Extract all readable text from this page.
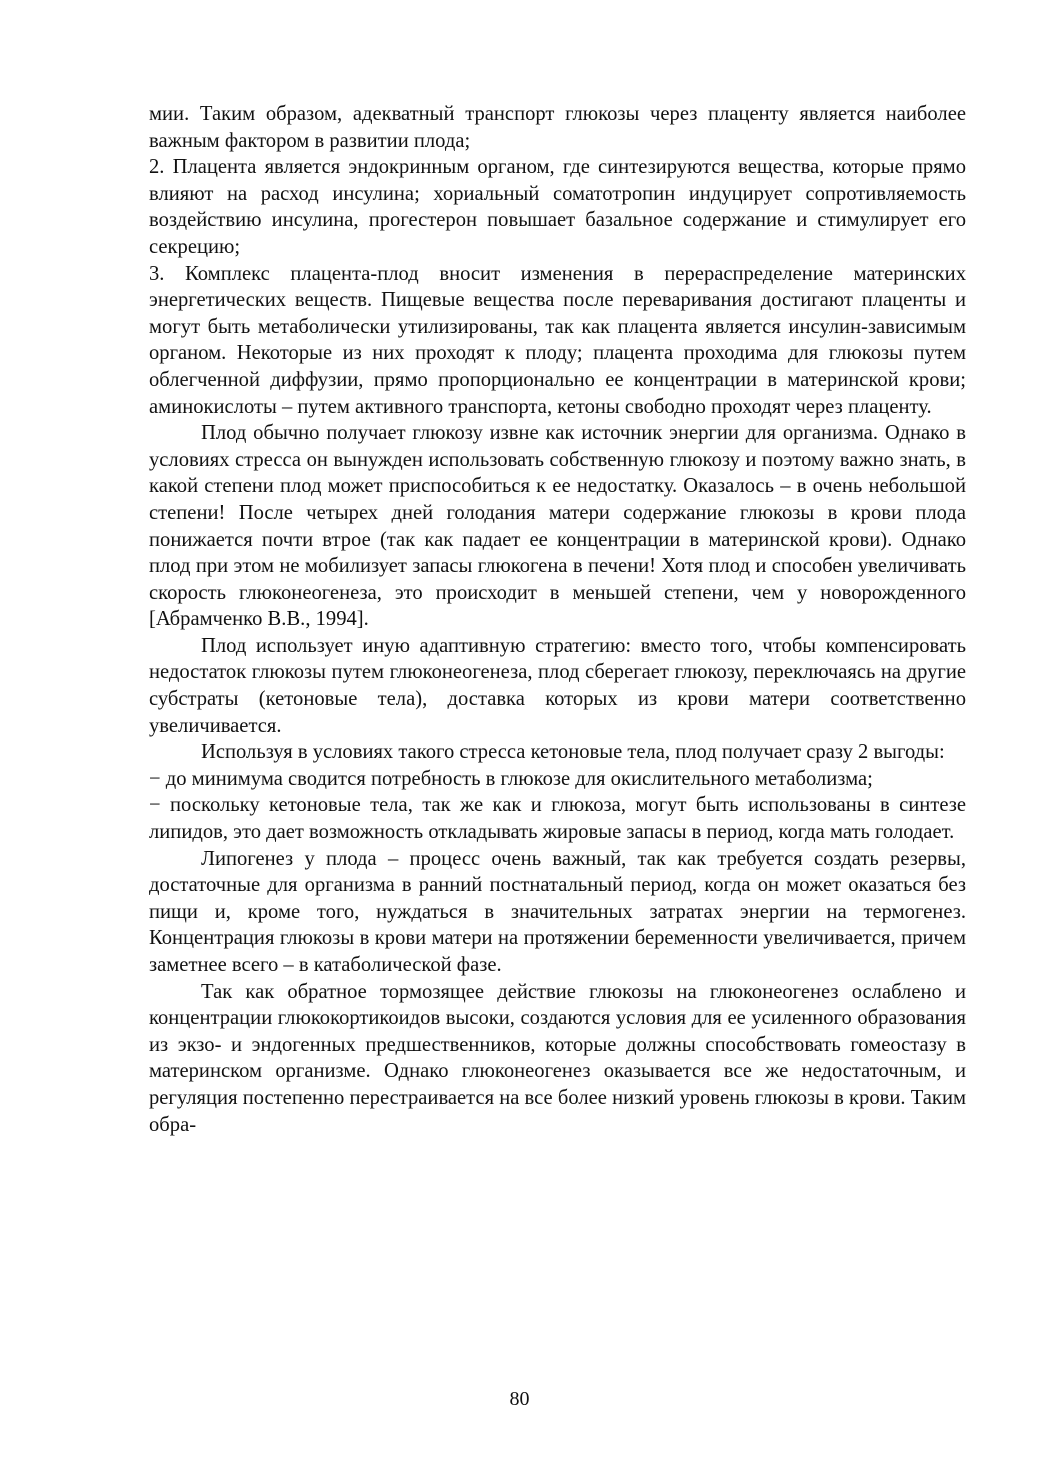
мии. Таким образом, адекватный транспорт глюкозы через плаценту является наиболее важным фактором в развитии плода;

2. Плацента является эндокринным органом, где синтезируются вещества, которые прямо влияют на расход инсулина; хориальный соматотропин индуцирует сопротивляемость воздействию инсулина, прогестерон повышает базальное содержание и стимулирует его секрецию;

3. Комплекс плацента-плод вносит изменения в перераспределение материнских энергетических веществ. Пищевые вещества после переваривания достигают плаценты и могут быть метаболически утилизированы, так как плацента является инсулин-зависимым органом. Некоторые из них проходят к плоду; плацента проходима для глюкозы путем облегченной диффузии, прямо пропорционально ее концентрации в материнской крови; аминокислоты – путем активного транспорта, кетоны свободно проходят через плаценту.

Плод обычно получает глюкозу извне как источник энергии для организма. Однако в условиях стресса он вынужден использовать собственную глюкозу и поэтому важно знать, в какой степени плод может приспособиться к ее недостатку. Оказалось – в очень небольшой степени! После четырех дней голодания матери содержание глюкозы в крови плода понижается почти втрое (так как падает ее концентрации в материнской крови). Однако плод при этом не мобилизует запасы глюкогена в печени! Хотя плод и способен увеличивать скорость глюконеогенеза, это происходит в меньшей степени, чем у новорожденного [Абрамченко В.В., 1994].

Плод использует иную адаптивную стратегию: вместо того, чтобы компенсировать недостаток глюкозы путем глюконеогенеза, плод сберегает глюкозу, переключаясь на другие субстраты (кетоновые тела), доставка которых из крови матери соответственно увеличивается.

Используя в условиях такого стресса кетоновые тела, плод получает сразу 2 выгоды:

− до минимума сводится потребность в глюкозе для окислительного метаболизма;

− поскольку кетоновые тела, так же как и глюкоза, могут быть использованы в синтезе липидов, это дает возможность откладывать жировые запасы в период, когда мать голодает.

Липогенез у плода – процесс очень важный, так как требуется создать резервы, достаточные для организма в ранний постнатальный период, когда он может оказаться без пищи и, кроме того, нуждаться в значительных затратах энергии на термогенез. Концентрация глюкозы в крови матери на протяжении беременности увеличивается, причем заметнее всего – в катаболической фазе.

Так как обратное тормозящее действие глюкозы на глюконеогенез ослаблено и концентрации глюкокортикоидов высоки, создаются условия для ее усиленного образования из экзо- и эндогенных предшественников, которые должны способствовать гомеостазу в материнском организме. Однако глюконеогенез оказывается все же недостаточным, и регуляция постепенно перестраивается на все более низкий уровень глюкозы в крови. Таким обра-

80
